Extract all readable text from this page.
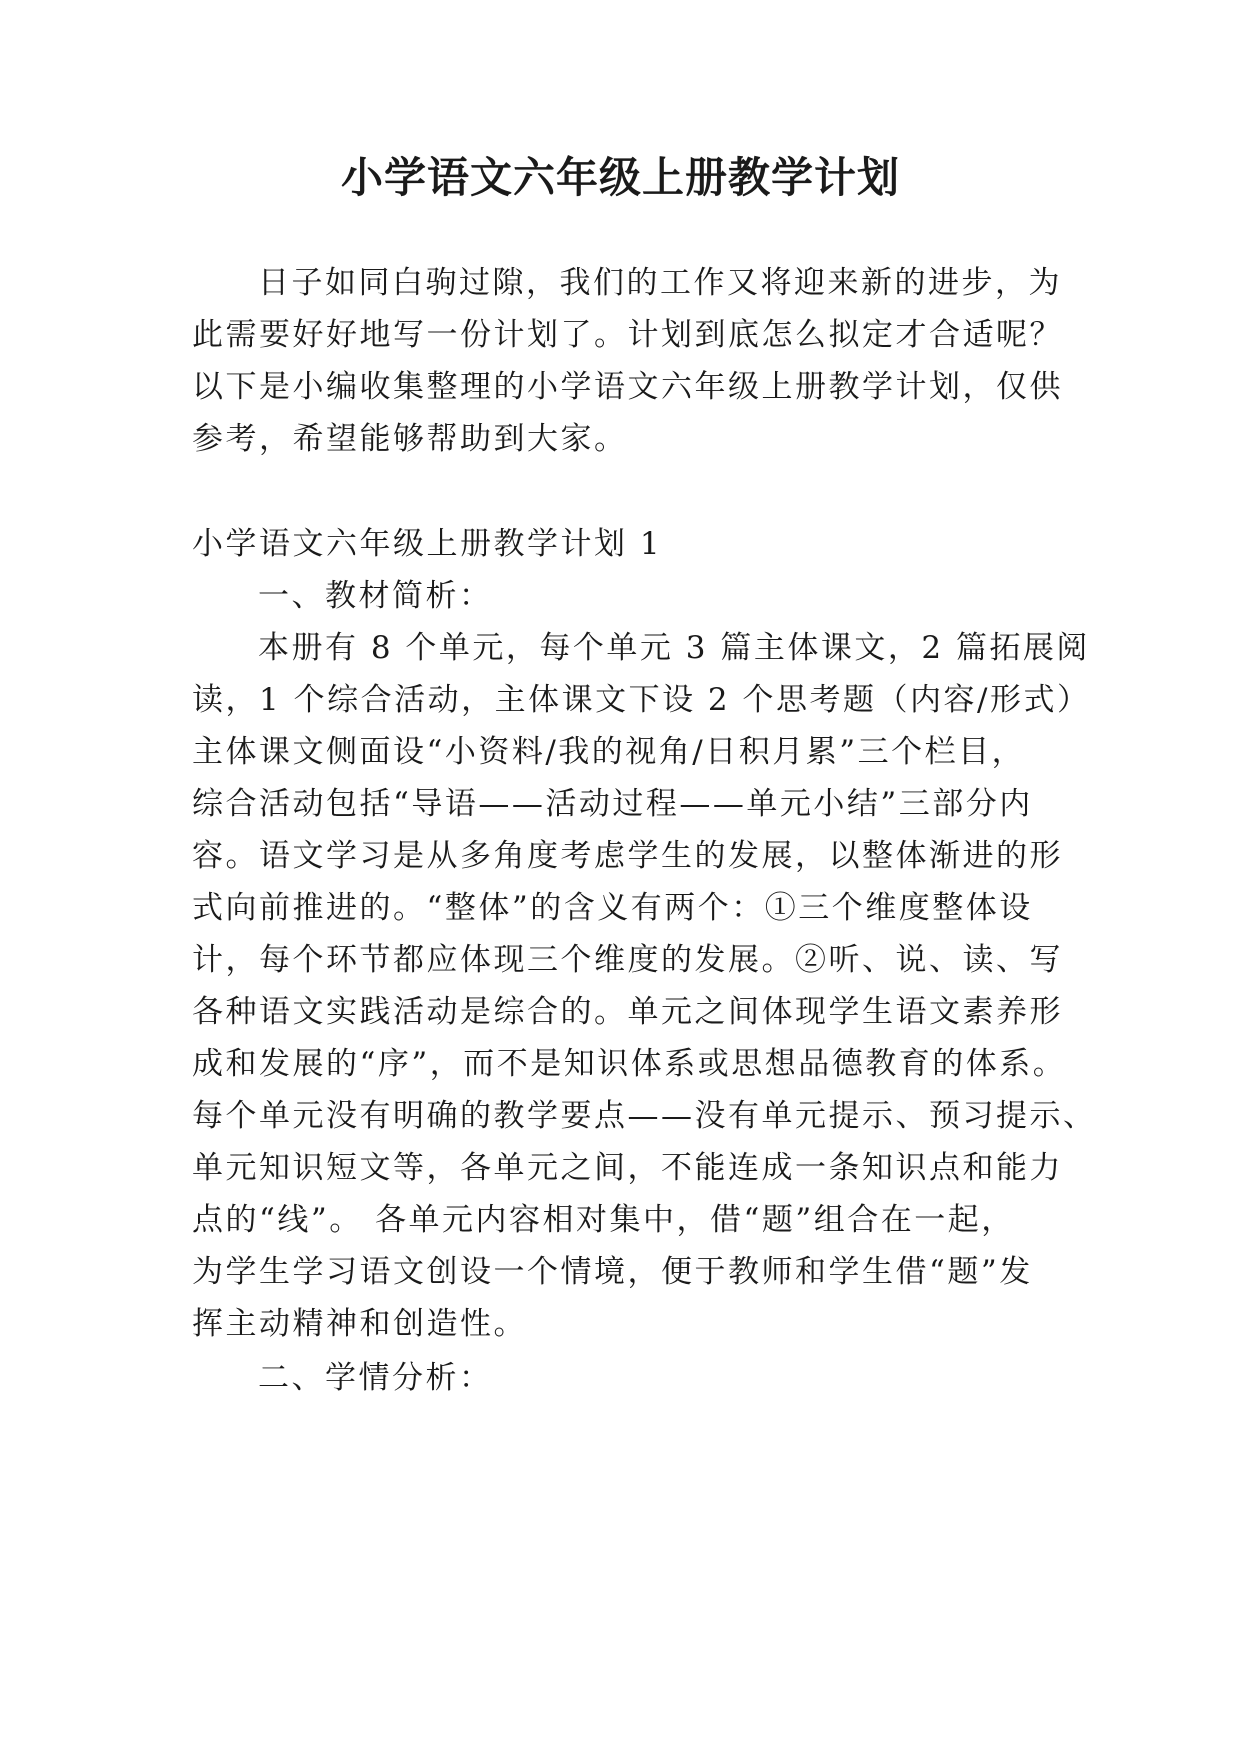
小学语文六年级上册教学计划
日子如同白驹过隙，我们的工作又将迎来新的进步，为
此需要好好地写一份计划了。计划到底怎么拟定才合适呢？
以下是小编收集整理的小学语文六年级上册教学计划，仅供
参考，希望能够帮助到大家。
小学语文六年级上册教学计划 1
一、教材简析：
本册有 8 个单元，每个单元 3 篇主体课文，2 篇拓展阅
读，1 个综合活动，主体课文下设 2 个思考题（内容/形式）
主体课文侧面设“小资料/我的视角/日积月累”三个栏目，
综合活动包括“导语——活动过程——单元小结”三部分内
容。语文学习是从多角度考虑学生的发展，以整体渐进的形
式向前推进的。“整体”的含义有两个：①三个维度整体设
计，每个环节都应体现三个维度的发展。②听、说、读、写
各种语文实践活动是综合的。单元之间体现学生语文素养形
成和发展的“序”，而不是知识体系或思想品德教育的体系。
每个单元没有明确的教学要点——没有单元提示、预习提示、
单元知识短文等，各单元之间，不能连成一条知识点和能力
点的“线”。 各单元内容相对集中，借“题”组合在一起，
为学生学习语文创设一个情境，便于教师和学生借“题”发
挥主动精神和创造性。
二、学情分析：
